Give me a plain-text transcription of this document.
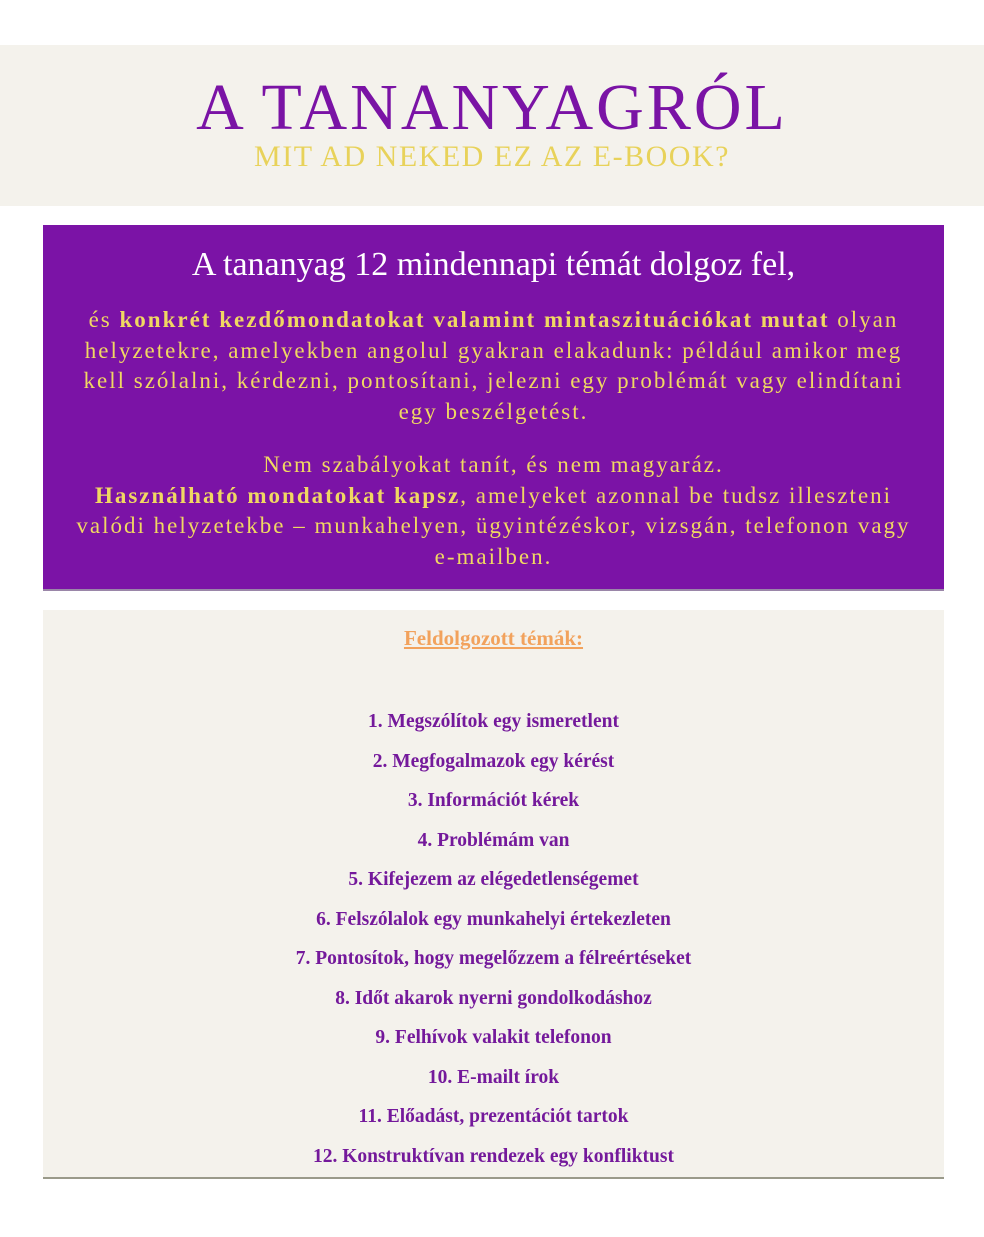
A TANANYAGRÓL
MIT AD NEKED EZ AZ E-BOOK?

A tananyag 12 mindennapi témát dolgoz fel,

és konkrét kezdőmondatokat valamint mintaszituációkat mutat olyan helyzetekre, amelyekben angolul gyakran elakadunk: például amikor meg kell szólalni, kérdezni, pontosítani, jelezni egy problémát vagy elindítani egy beszélgetést.

Nem szabályokat tanít, és nem magyaráz.
Használható mondatokat kapsz, amelyeket azonnal be tudsz illeszteni valódi helyzetekbe – munkahelyen, ügyintézéskor, vizsgán, telefonon vagy e-mailben.

Feldolgozott témák:

1. Megszólítok egy ismeretlent
2. Megfogalmazok egy kérést
3. Információt kérek
4. Problémám van
5. Kifejezem az elégedetlenségemet
6. Felszólalok egy munkahelyi értekezleten
7. Pontosítok, hogy megelőzzem a félreértéseket
8. Időt akarok nyerni gondolkodáshoz
9. Felhívok valakit telefonon
10. E-mailt írok
11. Előadást, prezentációt tartok
12. Konstruktívan rendezek egy konfliktust
